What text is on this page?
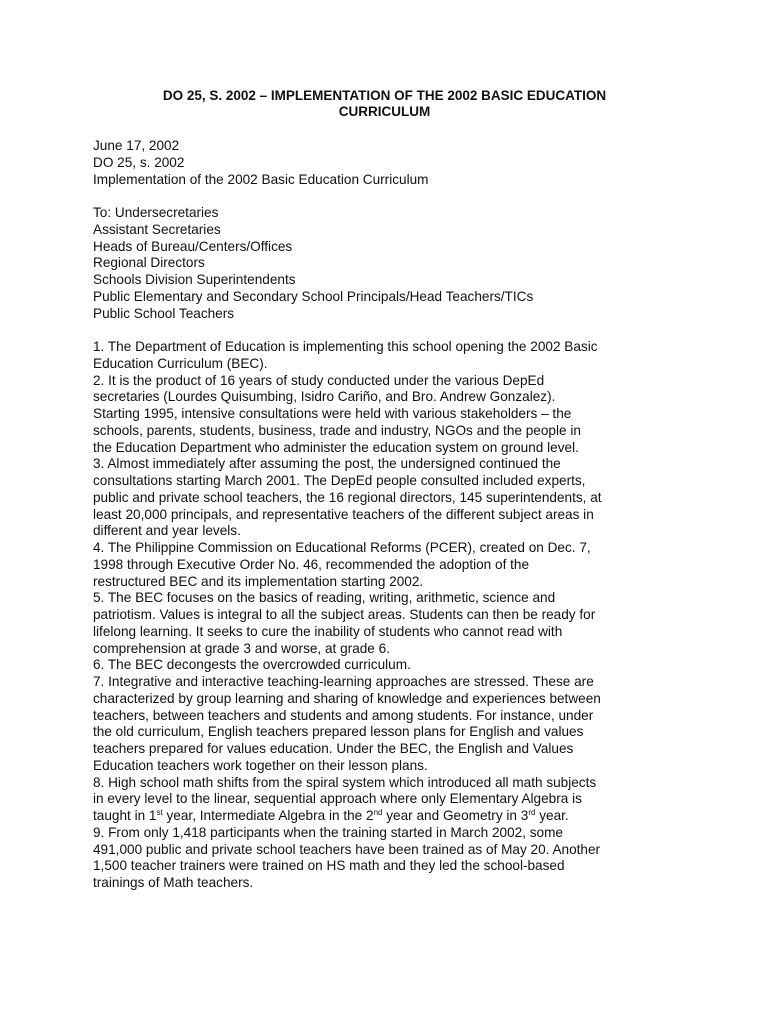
DO 25, S. 2002 – IMPLEMENTATION OF THE 2002 BASIC EDUCATION
CURRICULUM
June 17, 2002
DO 25, s. 2002
Implementation of the 2002 Basic Education Curriculum
To: Undersecretaries
Assistant Secretaries
Heads of Bureau/Centers/Offices
Regional Directors
Schools Division Superintendents
Public Elementary and Secondary School Principals/Head Teachers/TICs
Public School Teachers
1. The Department of Education is implementing this school opening the 2002 Basic
Education Curriculum (BEC).
2. It is the product of 16 years of study conducted under the various DepEd
secretaries (Lourdes Quisumbing, Isidro Cariño, and Bro. Andrew Gonzalez).
Starting 1995, intensive consultations were held with various stakeholders – the
schools, parents, students, business, trade and industry, NGOs and the people in
the Education Department who administer the education system on ground level.
3. Almost immediately after assuming the post, the undersigned continued the
consultations starting March 2001. The DepEd people consulted included experts,
public and private school teachers, the 16 regional directors, 145 superintendents, at
least 20,000 principals, and representative teachers of the different subject areas in
different and year levels.
4. The Philippine Commission on Educational Reforms (PCER), created on Dec. 7,
1998 through Executive Order No. 46, recommended the adoption of the
restructured BEC and its implementation starting 2002.
5. The BEC focuses on the basics of reading, writing, arithmetic, science and
patriotism. Values is integral to all the subject areas. Students can then be ready for
lifelong learning. It seeks to cure the inability of students who cannot read with
comprehension at grade 3 and worse, at grade 6.
6. The BEC decongests the overcrowded curriculum.
7. Integrative and interactive teaching-learning approaches are stressed. These are
characterized by group learning and sharing of knowledge and experiences between
teachers, between teachers and students and among students. For instance, under
the old curriculum, English teachers prepared lesson plans for English and values
teachers prepared for values education. Under the BEC, the English and Values
Education teachers work together on their lesson plans.
8. High school math shifts from the spiral system which introduced all math subjects
in every level to the linear, sequential approach where only Elementary Algebra is
taught in 1st year, Intermediate Algebra in the 2nd year and Geometry in 3rd year.
9. From only 1,418 participants when the training started in March 2002, some
491,000 public and private school teachers have been trained as of May 20. Another
1,500 teacher trainers were trained on HS math and they led the school-based
trainings of Math teachers.
